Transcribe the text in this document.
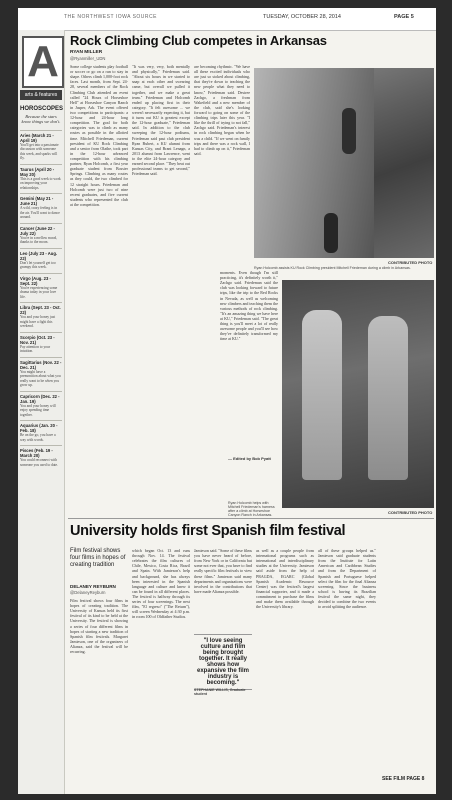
THE NORTHWEST IOWA SOURCE	TUESDAY, OCTOBER 28, 2014	PAGE 5
A
arts & features
HOROSCOPES
Because the stars know things we don't.
Aries (March 21 - April 19)
You'll get into a passionate discussion with someone this week, and sparks will fly.
Taurus (April 20 - May 20)
This is a good week to work on improving your relationships.
Gemini (May 21 - June 21)
A wild, crazy feeling is in the air. You'll want to dance around.
Cancer (June 22 - July 22)
You're in a mellow mood, thanks to the moon.
Leo (July 23 - Aug. 22)
Don't let yourself get too grumpy this week.
Virgo (Aug. 23 - Sept. 22)
You're experiencing some drama today in your love life.
Libra (Sept. 23 - Oct. 22)
You and your honey just might have a fight this weekend.
Scorpio (Oct. 23 - Nov. 21)
Pay attention to your intuition.
Sagittarius (Nov. 22 - Dec. 21)
You might have a premonition about what you really want to be when you grow up.
Capricorn (Dec. 22 - Jan. 19)
You and your honey will enjoy spending time together.
Aquarius (Jan. 20 - Feb. 18)
Be on the go, you have a way with words.
Pisces (Feb. 19 - March 20)
You could reconnect with someone you used to date.
Rock Climbing Club competes in Arkansas
RYAN MILLER
@Ryanmiller_UDN
Some college students play football or soccer or go on a run to stay in shape. Others climb 1,000-foot rock faces. Last month, from Sept. 24-28, several members of the Rock Climbing Club attended an event called "24 Hours of Horseshoe Hell" at Horseshoe Canyon Ranch in Jasper, Ark. The event offered two competitions to participants: a 12-hour and 24-hour long competition. The goal for both categories was to climb as many routes as possible in the allotted time. Mitchell Friedeman, current president of KU Rock Climbing and a senior from Olathe, took part in the 12-hour advanced competition with his climbing partner, Ryan Holcomb, a first year graduate student from Bossier Springs. Climbing as many routes as they could, the two climbed for 12 straight hours. Friedeman and Holcomb were just two of nine recent graduates, and five current students who represented the club at the competition.
"It was very, very, both mentally and physically," Friedeman said. "About six hours in we started to snap at each other and swearing came, but overall we pulled it together, and we make a great team." Friedeman and Holcomb ended up placing first in their category. "It felt awesome ... we weren't necessarily expecting it, but it turns out KU is greatest except the 12-hour graduate," Friedeman said. In addition to the club sweeping the 12-hour podiums, Friedeman said past club president Ryan Bubert, a KU alumni from Kansas City, and Brant Lenagn, a 2013 alumni from Lawrence, went to the elite 24-hour category and earned second place. "They beat out professional teams to get second," Friedeman said.
are becoming rhythmic. "We have all these excited individuals who are just so stoked about climbing, that they're down to teaching the new people what they need to know," Friedeman said. Desiree Zachgo, a freshman from Wakefield and a new member of the club, said she's looking forward to going on some of the climbing trips later this year. "I like the thrill of trying to not fall," Zachgo said. Friedeman's interest in rock climbing began when he was a child. "If we went on family trips and there was a rock wall, I had to climb up on it," Friedeman said.
moments. Even though I'm still practicing, it's definitely worth it," Zachgo said. Friedeman said the club was looking forward to future trips, like the trip to the Red Rocks in Nevada, as well as welcoming new climbers and teaching them the various methods of rock climbing. "It's an amazing thing we have here at KU," Friedeman said. "The great thing is you'll meet a lot of really awesome people and you'll see how they've definitely transformed my time at KU."
— Edited by Bob Pyatt
CONTRIBUTED PHOTO
Ryan Holcomb assists KU Rock Climbing president Mitchell Friedeman during a climb in Arkansas.
CONTRIBUTED PHOTO
Ryan Holcomb helps with Mitchell Friedeman's harness after a climb at Horseshoe Canyon Ranch in Arkansas.
University holds first Spanish film festival
Film festival shows four films in hopes of creating tradition
DELANEY REYBURN
@DelaneyReyburn
Film festival shows four films in hopes of creating tradition. The University of Kansas held its first festival of its kind to be held at the University. The festival is showing a series of four different films in hopes of starting a new tradition of Spanish film festivals. Margaret Jamieson, one of the organizers of Alianza, said the festival will be recurring.
which began Oct. 13 and runs through Nov. 14. The festival celebrates the film cultures of Chile, Mexico, Costa Rica, Brazil and Spain. With Jamieson's help and background, she has always been interested in the Spanish language and culture and knew it can be found in all different places. The festival is halfway through its series of four screenings. The next film, "El regreso" ("The Return"), will screen Wednesday at 4:30 p.m. in room 100 of Oldfather Studios.
Jamieson said. "Some of these films you have never heard of before, from New York or in California but some not ever that, you have to find really specific film festivals to view these films." Jamieson said many departments and organizations were involved in the contributions that have made Alianza possible.
"I love seeing culture and film being brought together. It really shows how expansive the film industry is becoming."
STEPHANIE WILLIS, Graduate student
as well as a couple people from international programs such as international and interdisciplinary studies at the University. Jamieson said aside from the help of PRAGDA, EGARC (Global Spanish Academic Resource Center) was the festival's largest financial supporter, and it made a commitment to purchase the films and make them available through the University's library.
all of these groups helped us." Jamieson said graduate students from the Institute for Latin American and Caribbean Studies and from the Department of Spanish and Portuguese helped select the film for the final Alianza screening. Since the business school is having its Brazilian festival the same night, they decided to combine the two events to avoid splitting the audience.
SEE FILM PAGE 8
